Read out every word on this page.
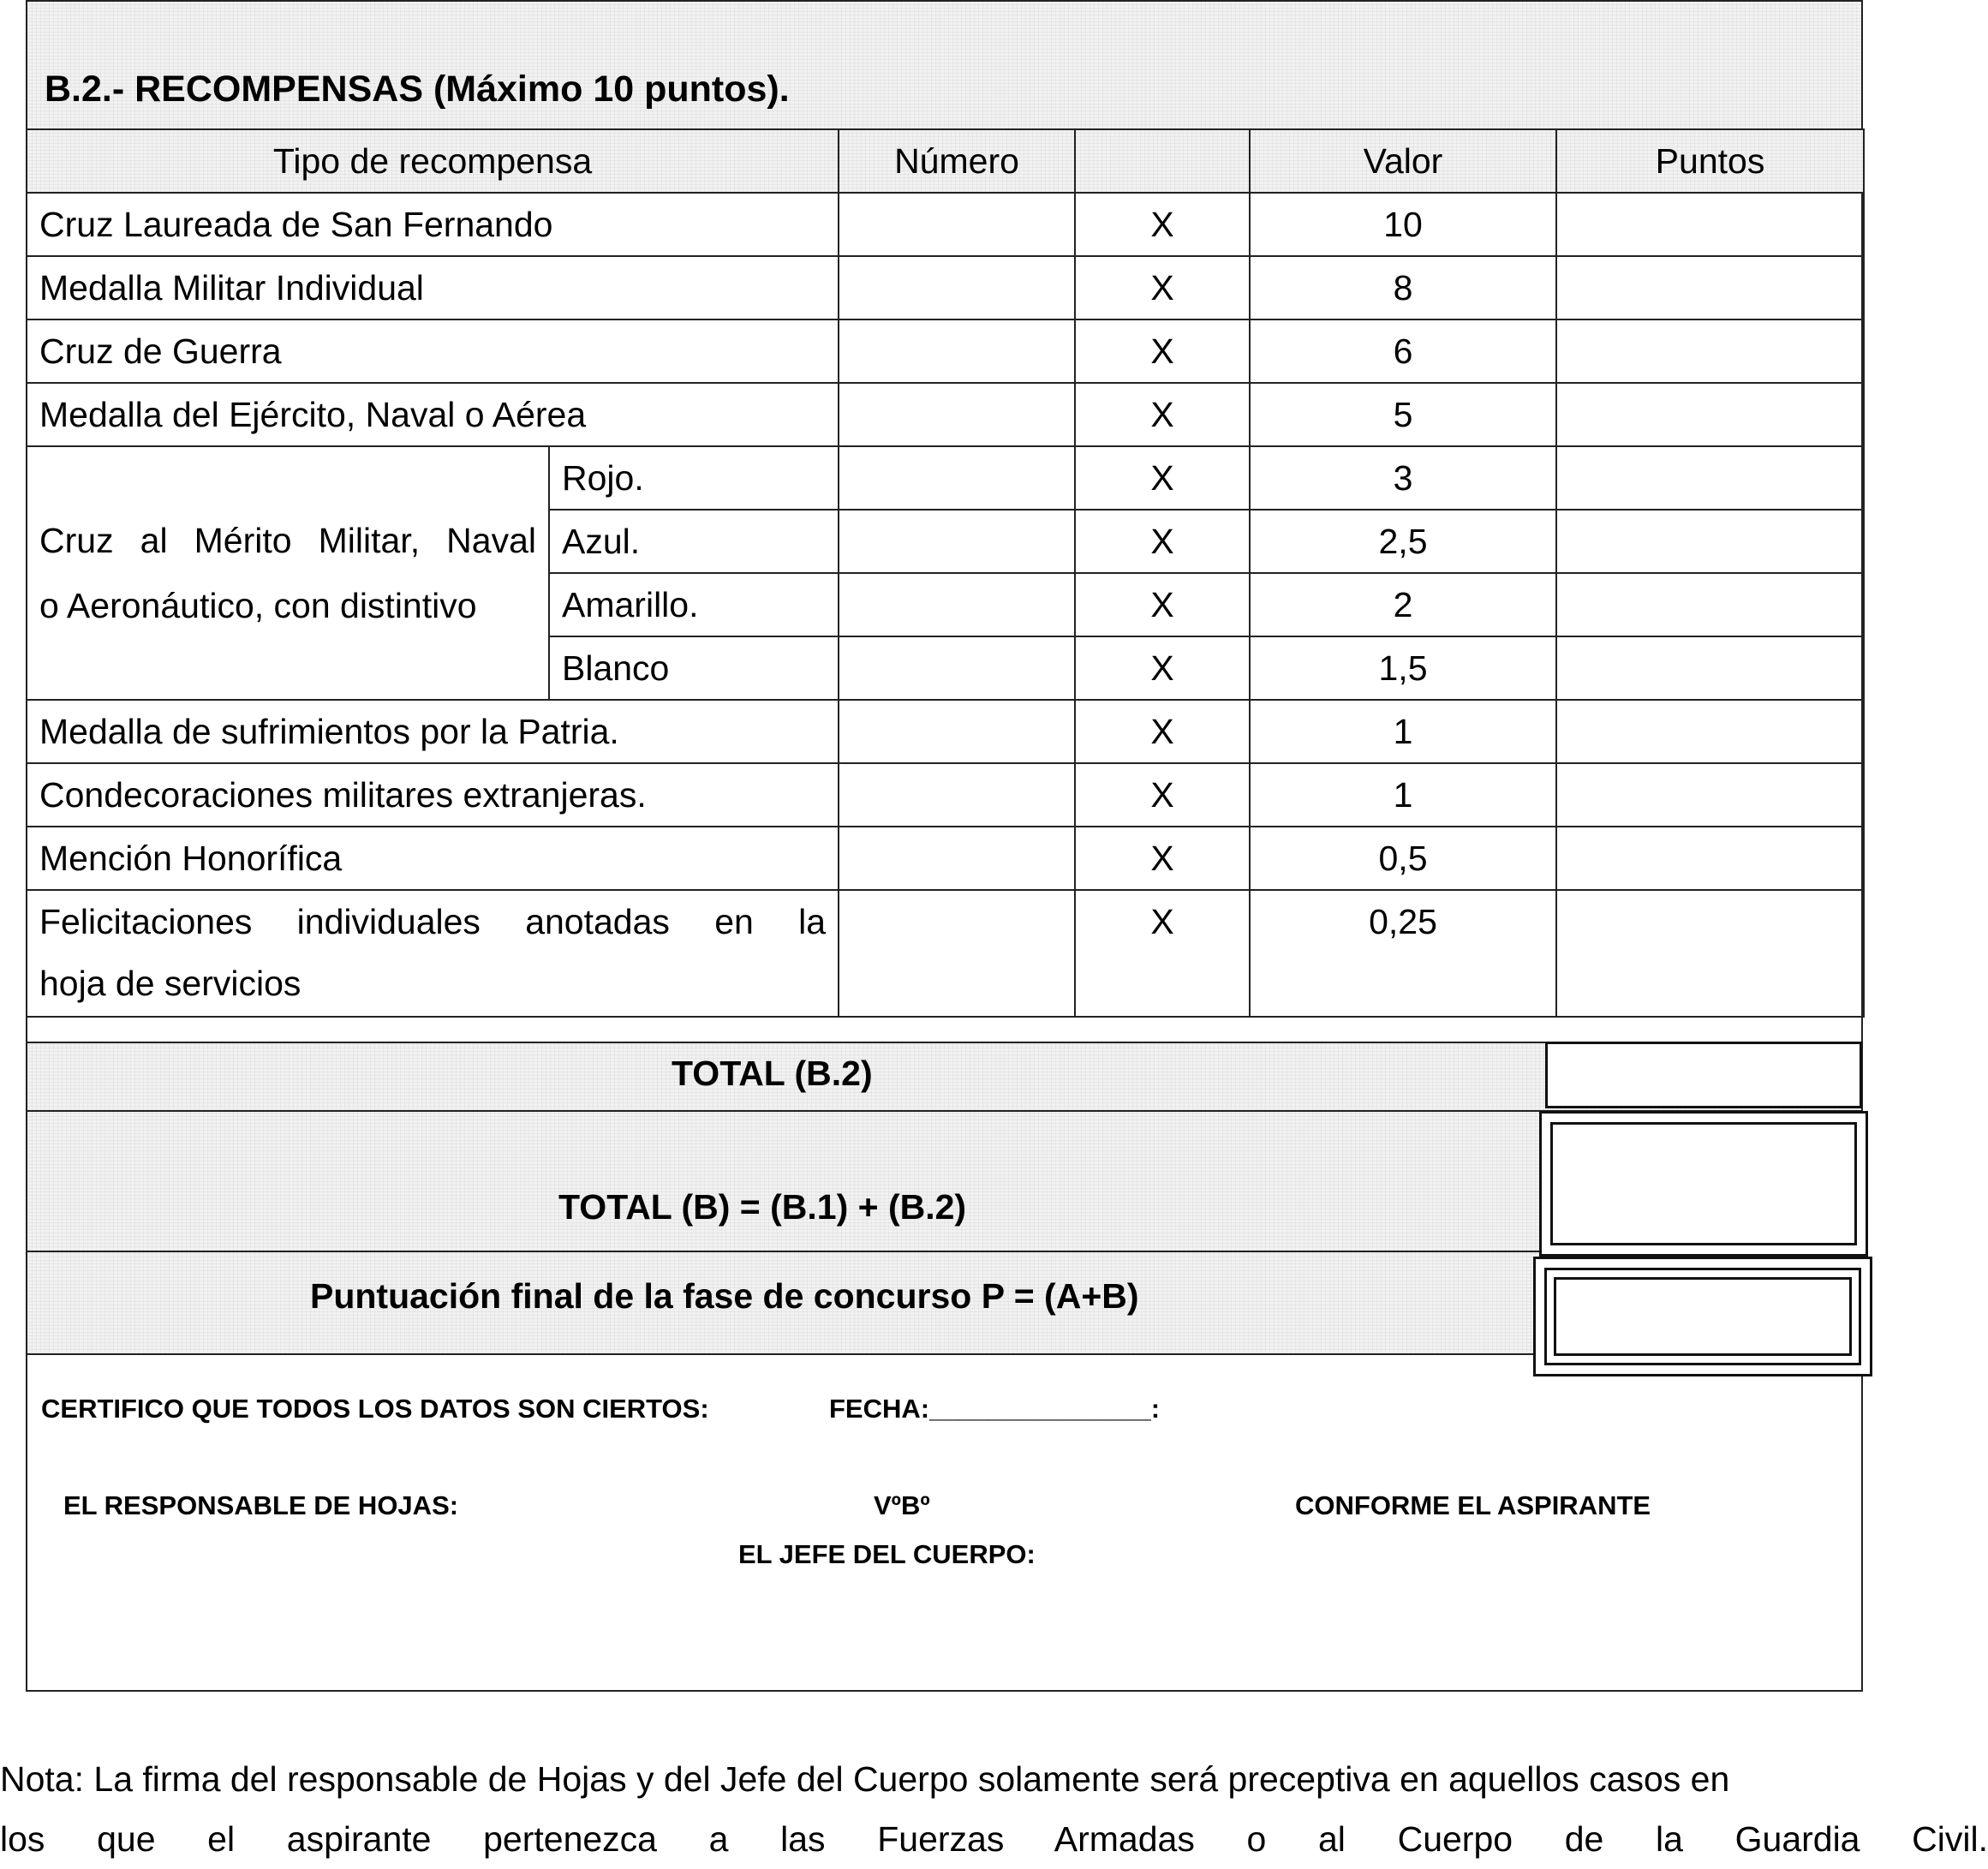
B.2.- RECOMPENSAS (Máximo 10 puntos).
Tipo de recompensa		Número		Valor	Puntos
Cruz Laureada de San Fernando			X	10	
Medalla Militar Individual			X	8	
Cruz de Guerra			X	6	
Medalla del Ejército, Naval o Aérea			X	5	

Cruz al Mérito Militar, Naval
o Aeronáutico, con distintivo	Rojo.		X	3	
	Azul.		X	2,5	
	Amarillo.		X	2	
	Blanco		X	1,5	
Medalla de sufrimientos por la Patria.			X	1	
Condecoraciones militares extranjeras.			X	1	
Mención Honorífica			X	0,5	

Felicitaciones individuales anotadas en la
hoja de servicios			X	0,25	
TOTAL (B.2)
TOTAL (B) = (B.1) + (B.2)
Puntuación final de la fase de concurso P = (A+B)
CERTIFICO QUE TODOS LOS DATOS SON CIERTOS:	FECHA:_______________:
EL RESPONSABLE DE HOJAS:	VºBº
EL JEFE DEL CUERPO:
CONFORME EL ASPIRANTE
Nota: La firma del responsable de Hojas y del Jefe del Cuerpo solamente será preceptiva en aquellos casos en
los que el aspirante pertenezca a las Fuerzas Armadas o al Cuerpo de la Guardia Civil.
